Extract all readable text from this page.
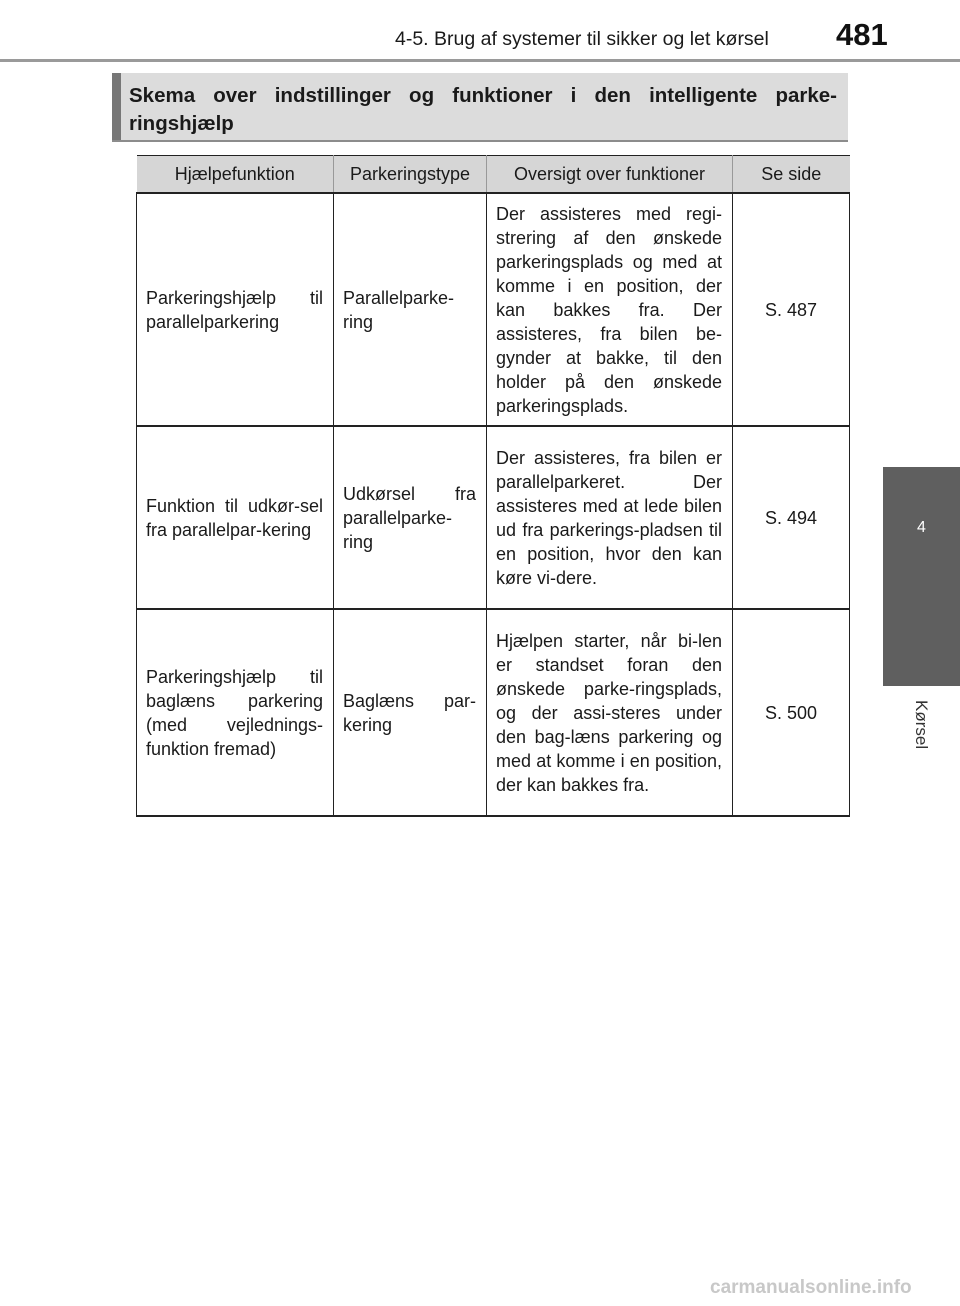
4-5. Brug af systemer til sikker og let kørsel 481
4
Kørsel
Skema over indstillinger og funktioner i den intelligente parke-ringshjælp
Hjælpefunktion	Parkeringstype	Oversigt over funktioner	Se side
Parkeringshjælp til parallelparkering	Parallelparke-ring	Der assisteres med regi-strering af den ønskede parkeringsplads og med at komme i en position, der kan bakkes fra. Der assisteres, fra bilen be-gynder at bakke, til den holder på den ønskede parkeringsplads.	S. 487
Funktion til udkør-sel fra parallelpar-kering	Udkørsel fra parallelparke-ring	Der assisteres, fra bilen er parallelparkeret. Der assisteres med at lede bilen ud fra parkerings-pladsen til en position, hvor den kan køre vi-dere.	S. 494
Parkeringshjælp til baglæns parkering (med vejlednings-funktion fremad)	Baglæns par-kering	Hjælpen starter, når bi-len er standset foran den ønskede parke-ringsplads, og der assi-steres under den bag-læns parkering og med at komme i en position, der kan bakkes fra.	S. 500
carmanualsonline.info
